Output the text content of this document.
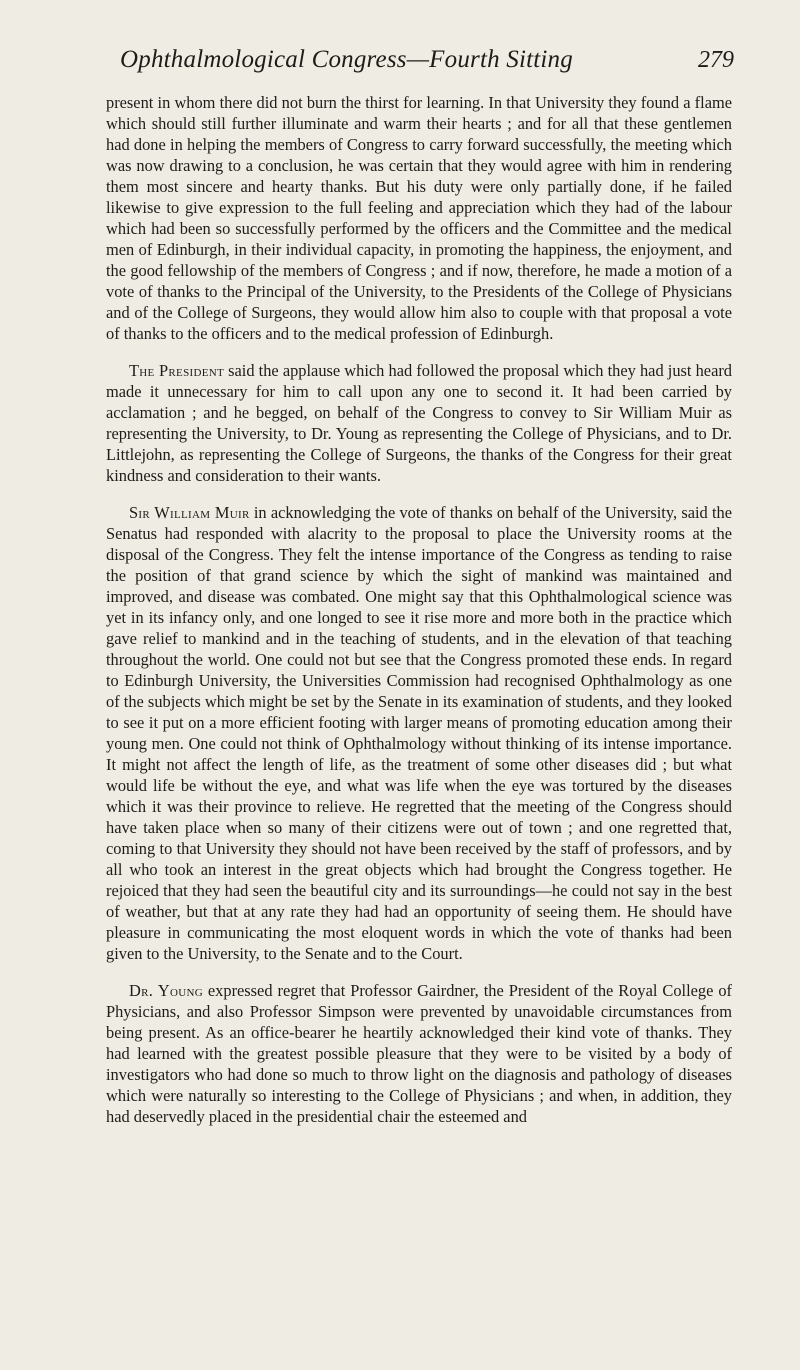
Ophthalmological Congress—Fourth Sitting	279

present in whom there did not burn the thirst for learning. In that University they found a flame which should still further illuminate and warm their hearts ; and for all that these gentlemen had done in helping the members of Congress to carry forward successfully, the meeting which was now drawing to a conclusion, he was certain that they would agree with him in rendering them most sincere and hearty thanks. But his duty were only partially done, if he failed likewise to give expression to the full feeling and appreciation which they had of the labour which had been so successfully performed by the officers and the Committee and the medical men of Edinburgh, in their individual capacity, in promoting the happiness, the enjoyment, and the good fellowship of the members of Congress ; and if now, therefore, he made a motion of a vote of thanks to the Principal of the University, to the Presidents of the College of Physicians and of the College of Surgeons, they would allow him also to couple with that proposal a vote of thanks to the officers and to the medical profession of Edinburgh.

The President said the applause which had followed the proposal which they had just heard made it unnecessary for him to call upon any one to second it. It had been carried by acclamation ; and he begged, on behalf of the Congress to convey to Sir William Muir as representing the University, to Dr. Young as representing the College of Physicians, and to Dr. Littlejohn, as representing the College of Surgeons, the thanks of the Congress for their great kindness and consideration to their wants.

Sir William Muir in acknowledging the vote of thanks on behalf of the University, said the Senatus had responded with alacrity to the proposal to place the University rooms at the disposal of the Congress. They felt the intense importance of the Congress as tending to raise the position of that grand science by which the sight of mankind was maintained and improved, and disease was combated. One might say that this Ophthalmological science was yet in its infancy only, and one longed to see it rise more and more both in the practice which gave relief to mankind and in the teaching of students, and in the elevation of that teaching throughout the world. One could not but see that the Congress promoted these ends. In regard to Edinburgh University, the Universities Commission had recognised Ophthalmology as one of the subjects which might be set by the Senate in its examination of students, and they looked to see it put on a more efficient footing with larger means of promoting education among their young men. One could not think of Ophthalmology without thinking of its intense importance. It might not affect the length of life, as the treatment of some other diseases did ; but what would life be without the eye, and what was life when the eye was tortured by the diseases which it was their province to relieve. He regretted that the meeting of the Congress should have taken place when so many of their citizens were out of town ; and one regretted that, coming to that University they should not have been received by the staff of professors, and by all who took an interest in the great objects which had brought the Congress together. He rejoiced that they had seen the beautiful city and its surroundings—he could not say in the best of weather, but that at any rate they had had an opportunity of seeing them. He should have pleasure in communicating the most eloquent words in which the vote of thanks had been given to the University, to the Senate and to the Court.

Dr. Young expressed regret that Professor Gairdner, the President of the Royal College of Physicians, and also Professor Simpson were prevented by unavoidable circumstances from being present. As an office-bearer he heartily acknowledged their kind vote of thanks. They had learned with the greatest possible pleasure that they were to be visited by a body of investigators who had done so much to throw light on the diagnosis and pathology of diseases which were naturally so interesting to the College of Physicians ; and when, in addition, they had deservedly placed in the presidential chair the esteemed and
